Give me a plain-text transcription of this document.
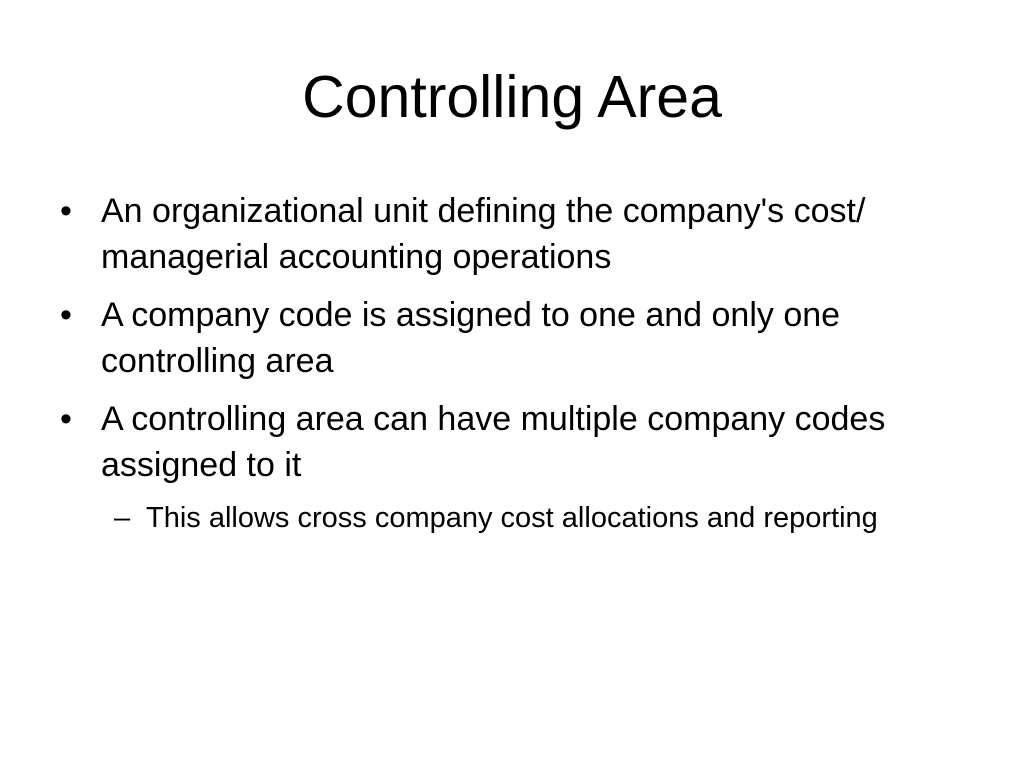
Controlling Area
• An organizational unit defining the company's cost/ managerial accounting operations
• A company code is assigned to one and only one controlling area
• A controlling area can have multiple company codes assigned to it
– This allows cross company cost allocations and reporting
